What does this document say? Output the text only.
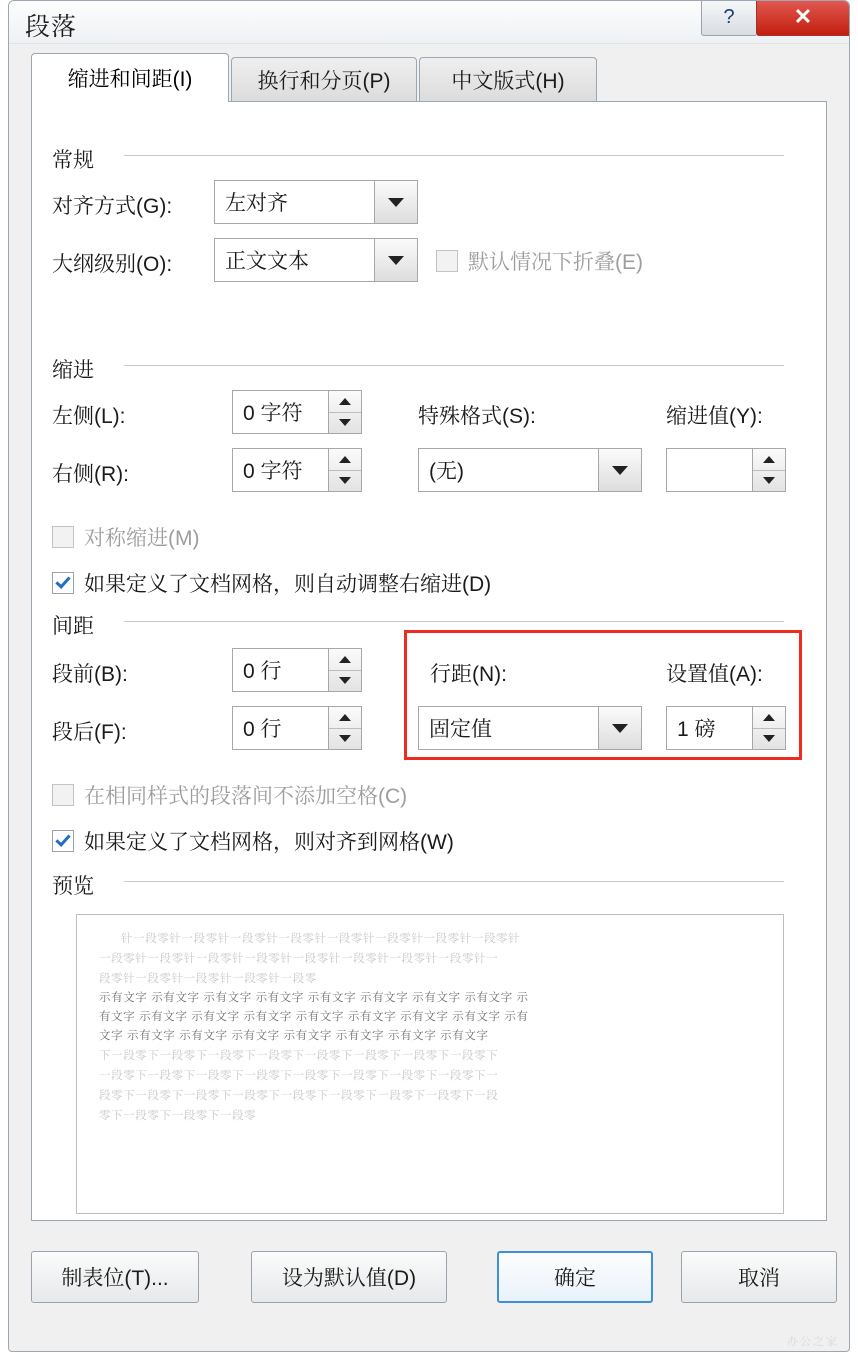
段落	?	✕
缩进和间距(I)	换行和分页(P)	中文版式(H)
常规
对齐方式(G):	左对齐
大纲级别(O):	正文文本	默认情况下折叠(E)
缩进
左侧(L):	0 字符
右侧(R):	0 字符
特殊格式(S):
(无)
缩进值(Y):
对称缩进(M)
如果定义了文档网格，则自动调整右缩进(D)
间距
段前(B):	0 行
段后(F):	0 行
行距(N):
固定值
设置值(A):
1 磅
在相同样式的段落间不添加空格(C)
如果定义了文档网格，则对齐到网格(W)
预览
针一段零针一段零针一段零针一段零针一段零针一段零针一段零针一段零针
一段零针一段零针一段零针一段零针一段零针一段零针一段零针一段零针一
段零针一段零针一段零针一段零针一段零
示有文字 示有文字 示有文字 示有文字 示有文字 示有文字 示有文字 示有文字 示
有文字 示有文字 示有文字 示有文字 示有文字 示有文字 示有文字 示有文字 示有
文字 示有文字 示有文字 示有文字 示有文字 示有文字 示有文字 示有文字
下一段零下一段零下一段零下一段零下一段零下一段零下一段零下一段零下
一段零下一段零下一段零下一段零下一段零下一段零下一段零下一段零下一
段零下一段零下一段零下一段零下一段零下一段零下一段零下一段零下一段
零下一段零下一段零下一段零
制表位(T)...	设为默认值(D)	确定	取消
办公之家
